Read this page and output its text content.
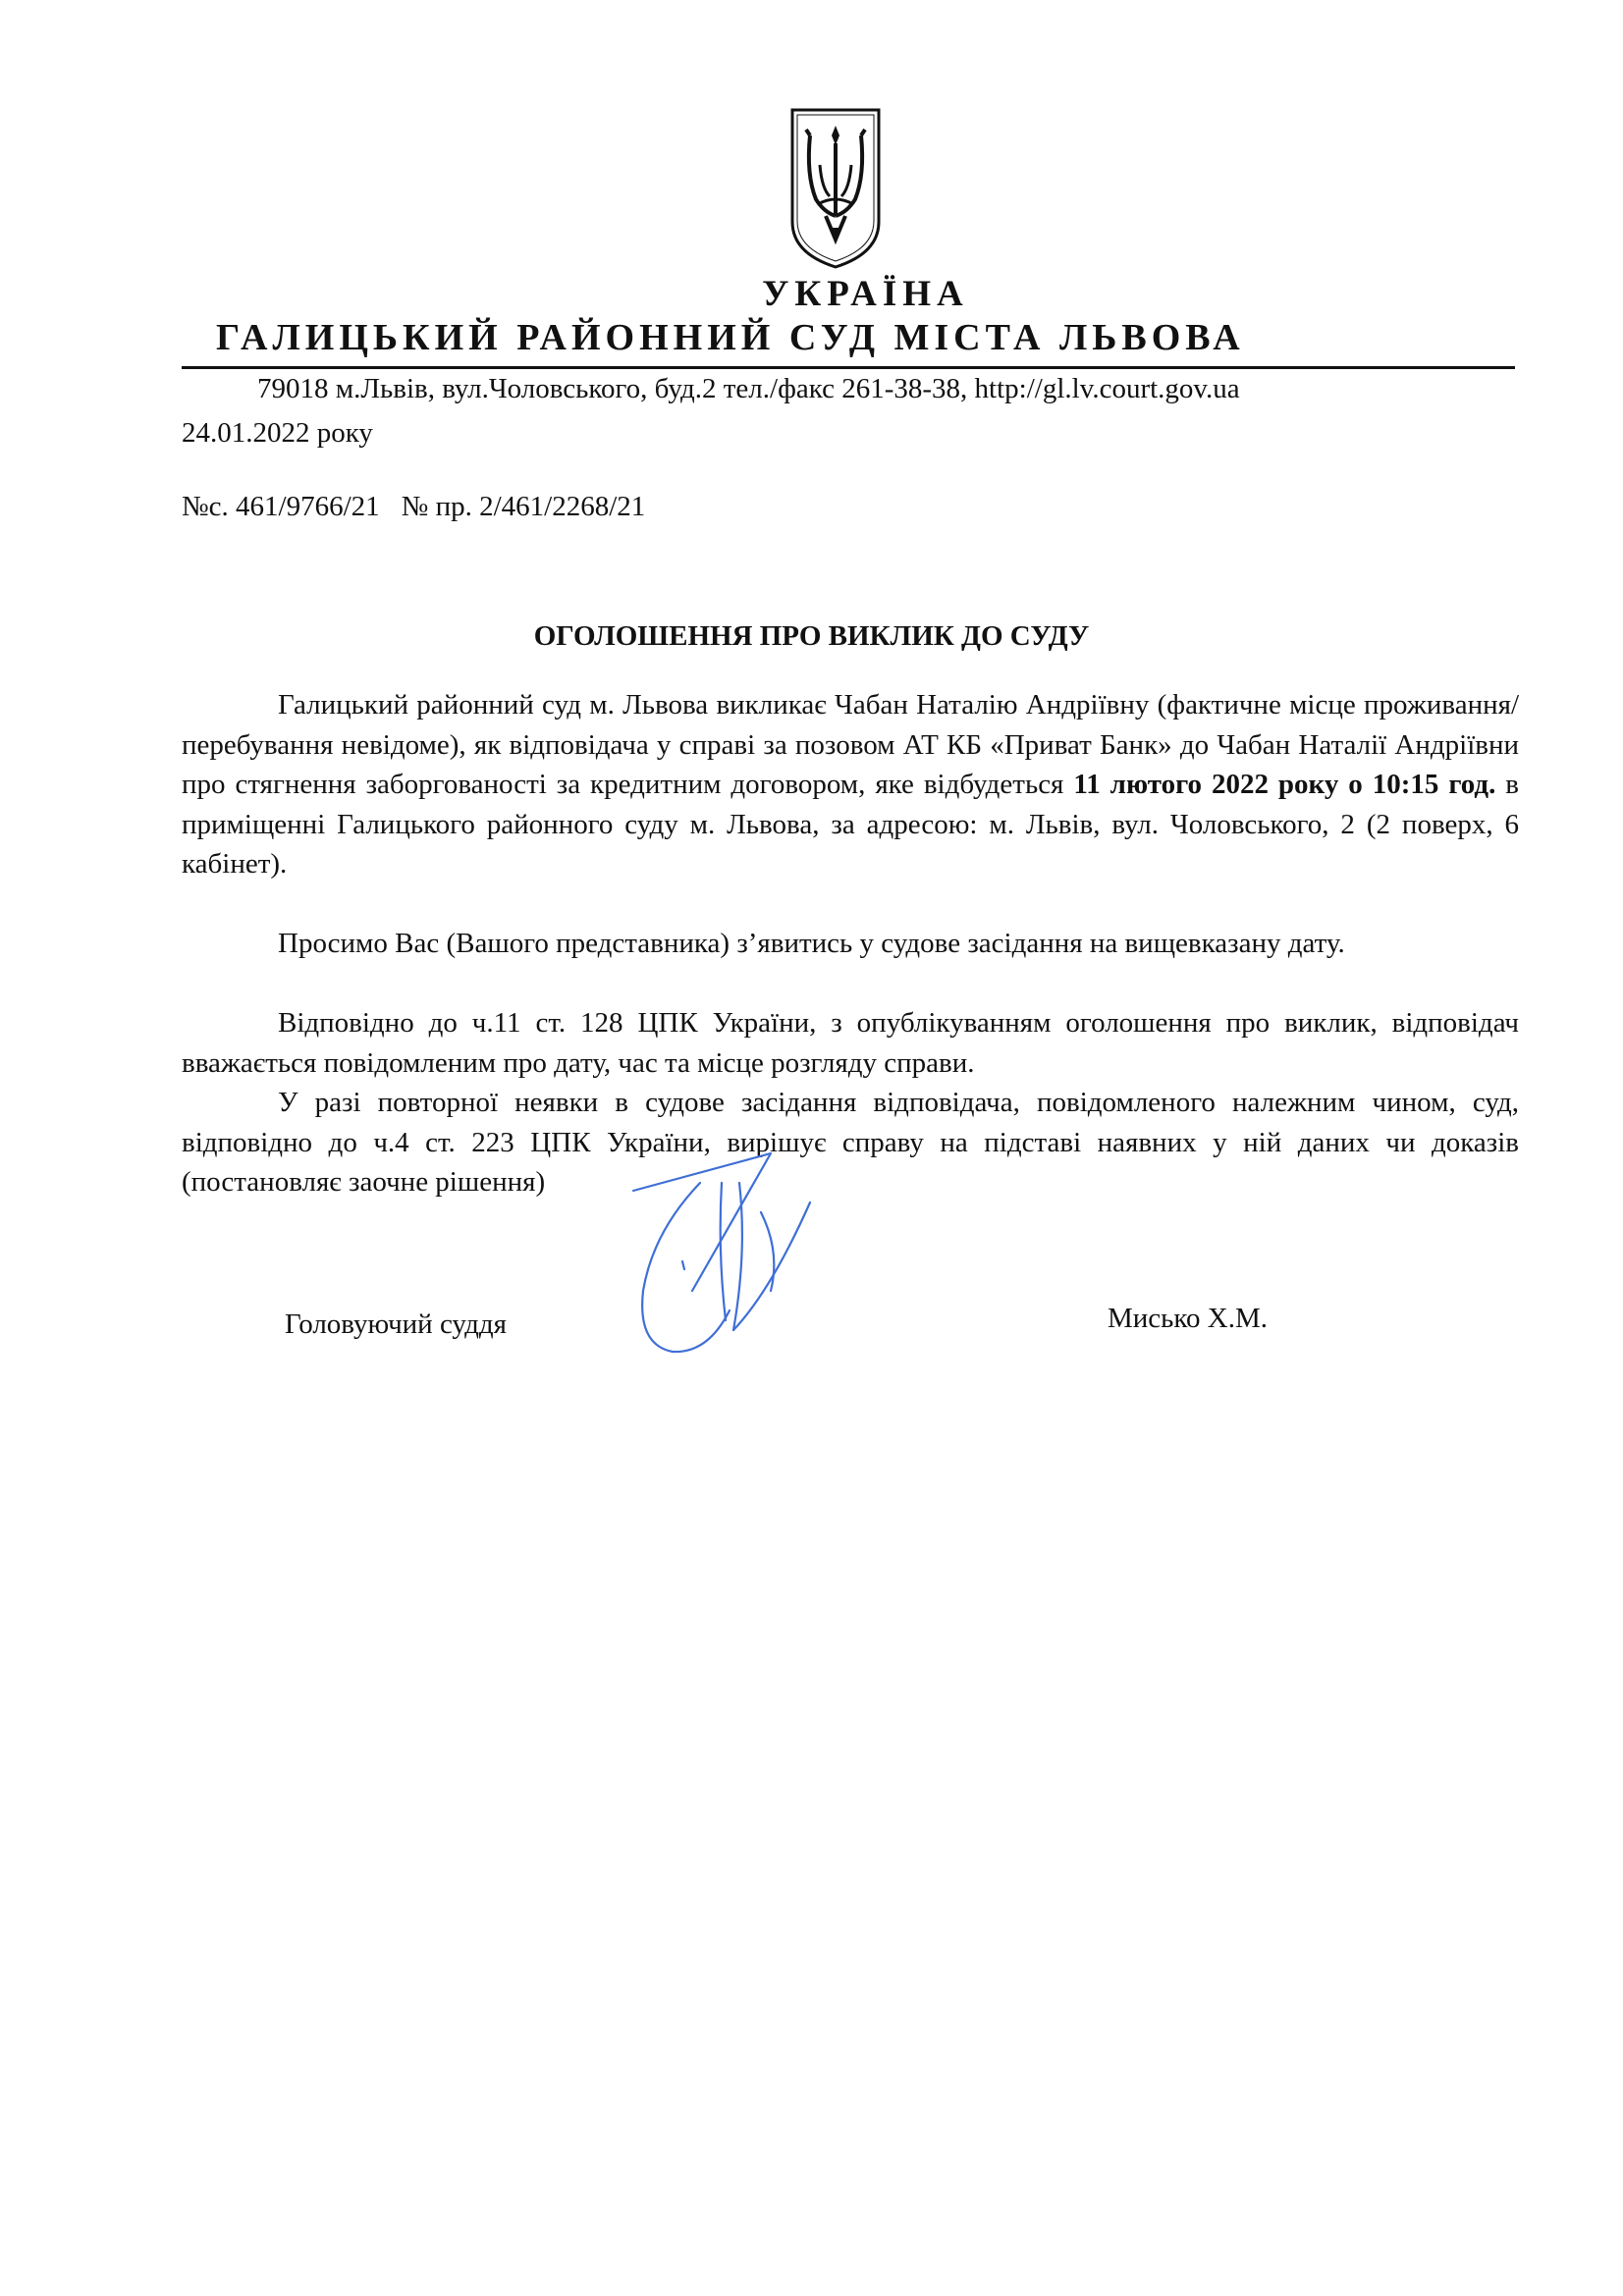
УКРАЇНА
ГАЛИЦЬКИЙ РАЙОННИЙ СУД МІСТА ЛЬВОВА
79018 м.Львів, вул.Чоловського, буд.2 тел./факс 261-38-38, http://gl.lv.court.gov.ua
24.01.2022 року
№с. 461/9766/21 № пр. 2/461/2268/21
ОГОЛОШЕННЯ ПРО ВИКЛИК ДО СУДУ
Галицький районний суд м. Львова викликає Чабан Наталію Андріївну (фактичне місце проживання/перебування невідоме), як відповідача у справі за позовом АТ КБ «Приват Банк» до Чабан Наталії Андріївни про стягнення заборгованості за кредитним договором, яке відбудеться 11 лютого 2022 року о 10:15 год. в приміщенні Галицького районного суду м. Львова, за адресою: м. Львів, вул. Чоловського, 2 (2 поверх, 6 кабінет).
Просимо Вас (Вашого представника) з’явитись у судове засідання на вищевказану дату.
Відповідно до ч.11 ст. 128 ЦПК України, з опублікуванням оголошення про виклик, відповідач вважається повідомленим про дату, час та місце розгляду справи.
У разі повторної неявки в судове засідання відповідача, повідомленого належним чином, суд, відповідно до ч.4 ст. 223 ЦПК України, вирішує справу на підставі наявних у ній даних чи доказів (постановляє заочне рішення)
Головуючий суддя	Мисько Х.М.
